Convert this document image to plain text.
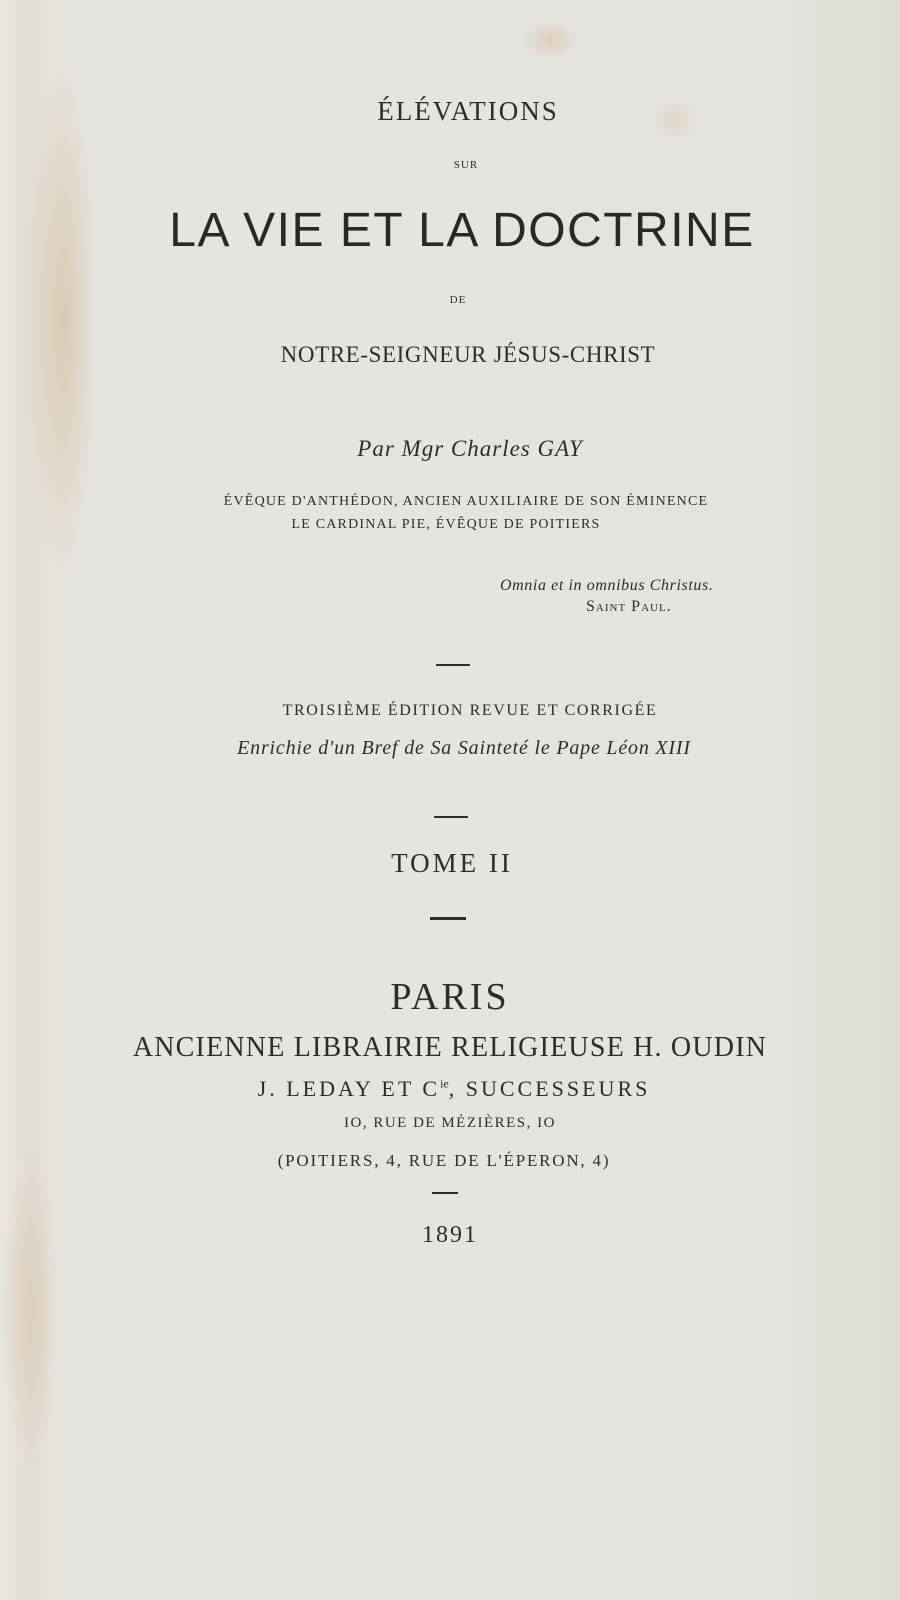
ÉLÉVATIONS
SUR
LA VIE ET LA DOCTRINE
DE
NOTRE-SEIGNEUR JÉSUS-CHRIST
Par Mgr Charles GAY
ÉVÊQUE D'ANTHÉDON, ANCIEN AUXILIAIRE DE SON ÉMINENCE
LE CARDINAL PIE, ÉVÊQUE DE POITIERS
Omnia et in omnibus Christus.
Saint Paul.
TROISIÈME ÉDITION REVUE ET CORRIGÉE
Enrichie d'un Bref de Sa Sainteté le Pape Léon XIII
TOME II
PARIS
ANCIENNE LIBRAIRIE RELIGIEUSE H. OUDIN
J. LEDAY ET $C^{ie}$, SUCCESSEURS
IO, RUE DE MÉZIÈRES, IO
(POITIERS, 4, RUE DE L'ÉPERON, 4)
1891
